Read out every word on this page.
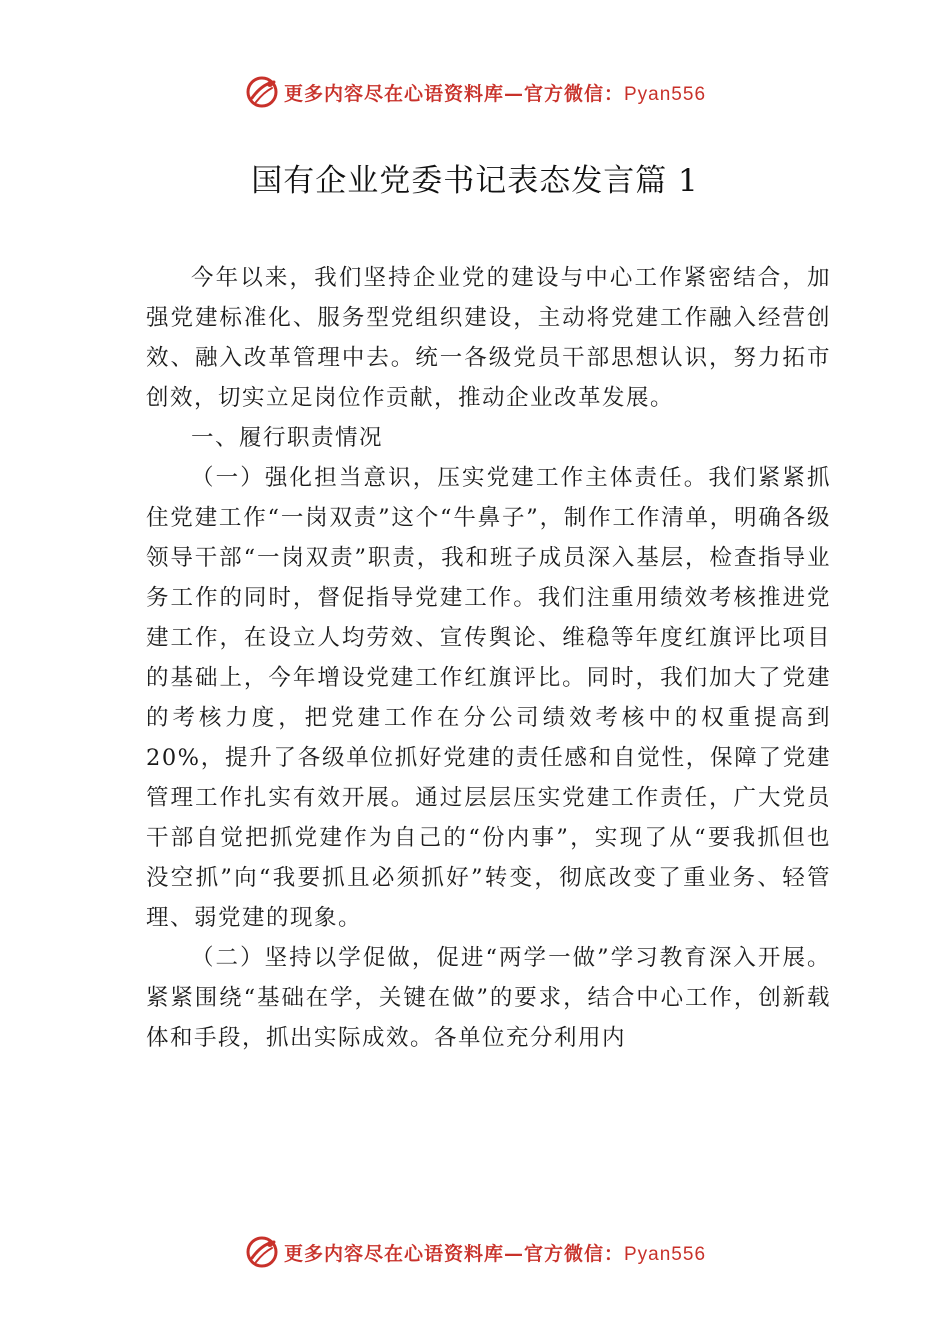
更多内容尽在心语资料库—官方微信：Pyan556
国有企业党委书记表态发言篇 1

今年以来，我们坚持企业党的建设与中心工作紧密结合，加强党建标准化、服务型党组织建设，主动将党建工作融入经营创效、融入改革管理中去。统一各级党员干部思想认识，努力拓市创效，切实立足岗位作贡献，推动企业改革发展。

一、履行职责情况

（一）强化担当意识，压实党建工作主体责任。我们紧紧抓住党建工作“一岗双责”这个“牛鼻子”，制作工作清单，明确各级领导干部“一岗双责”职责，我和班子成员深入基层，检查指导业务工作的同时，督促指导党建工作。我们注重用绩效考核推进党建工作，在设立人均劳效、宣传舆论、维稳等年度红旗评比项目的基础上，今年增设党建工作红旗评比。同时，我们加大了党建的考核力度，把党建工作在分公司绩效考核中的权重提高到 20%，提升了各级单位抓好党建的责任感和自觉性，保障了党建管理工作扎实有效开展。通过层层压实党建工作责任，广大党员干部自觉把抓党建作为自己的“份内事”，实现了从“要我抓但也没空抓”向“我要抓且必须抓好”转变，彻底改变了重业务、轻管理、弱党建的现象。

（二）坚持以学促做，促进“两学一做”学习教育深入开展。紧紧围绕“基础在学，关键在做”的要求，结合中心工作，创新载体和手段，抓出实际成效。各单位充分利用内

更多内容尽在心语资料库—官方微信：Pyan556
